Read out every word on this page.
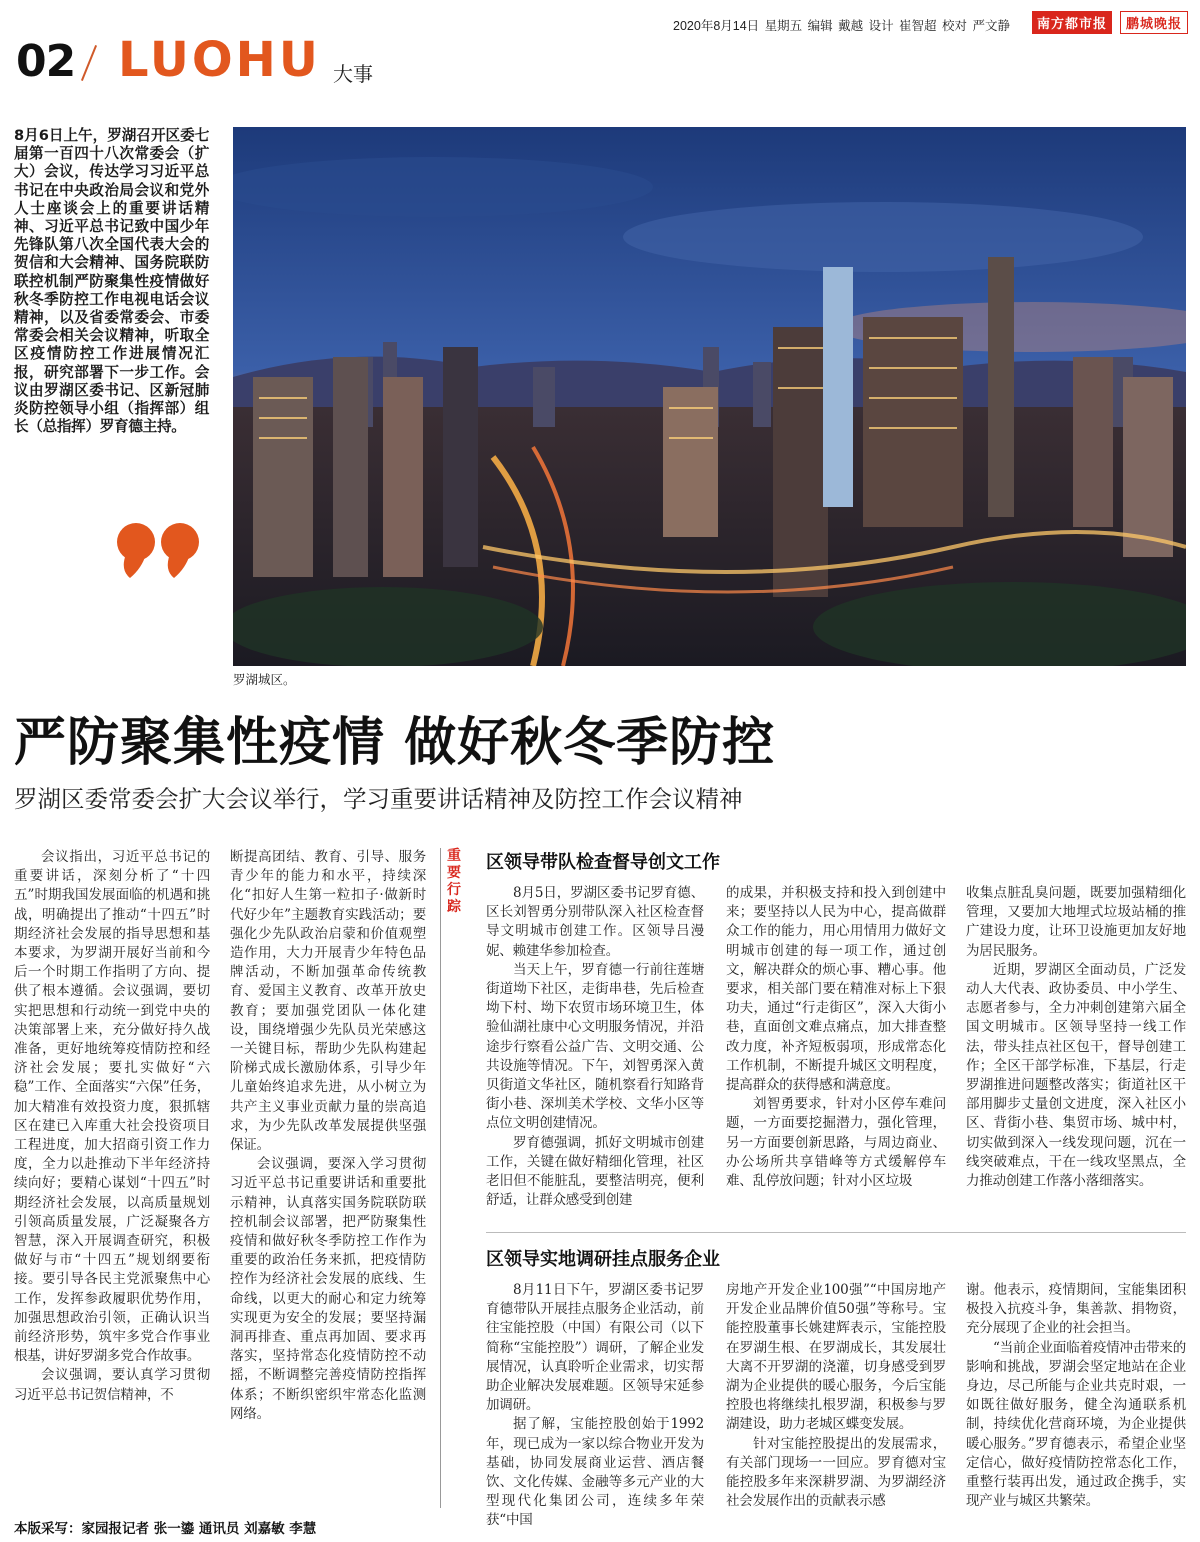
2020年8月14日 星期五 编辑 戴越 设计 崔智超 校对 严文静	南方都市报	鹏城晚报
02 LUOHU 大事
8月6日上午，罗湖召开区委七届第一百四十八次常委会（扩大）会议，传达学习习近平总书记在中央政治局会议和党外人士座谈会上的重要讲话精神、习近平总书记致中国少年先锋队第八次全国代表大会的贺信和大会精神、国务院联防联控机制严防聚集性疫情做好秋冬季防控工作电视电话会议精神，以及省委常委会、市委常委会相关会议精神，听取全区疫情防控工作进展情况汇报，研究部署下一步工作。会议由罗湖区委书记、区新冠肺炎防控领导小组（指挥部）组长（总指挥）罗育德主持。
罗湖城区。
严防聚集性疫情 做好秋冬季防控
罗湖区委常委会扩大会议举行，学习重要讲话精神及防控工作会议精神

会议指出，习近平总书记的重要讲话，深刻分析了“十四五”时期我国发展面临的机遇和挑战，明确提出了推动“十四五”时期经济社会发展的指导思想和基本要求，为罗湖开展好当前和今后一个时期工作指明了方向、提供了根本遵循。会议强调，要切实把思想和行动统一到党中央的决策部署上来，充分做好持久战准备，更好地统筹疫情防控和经济社会发展；要扎实做好“六稳”工作、全面落实“六保”任务，加大精准有效投资力度，狠抓辖区在建已入库重大社会投资项目工程进度，加大招商引资工作力度，全力以赴推动下半年经济持续向好；要精心谋划“十四五”时期经济社会发展，以高质量规划引领高质量发展，广泛凝聚各方智慧，深入开展调查研究，积极做好与市“十四五”规划纲要衔接。要引导各民主党派聚焦中心工作，发挥参政履职优势作用，加强思想政治引领，正确认识当前经济形势，筑牢多党合作事业根基，讲好罗湖多党合作故事。

会议强调，要认真学习贯彻习近平总书记贺信精神，不

断提高团结、教育、引导、服务青少年的能力和水平，持续深化“扣好人生第一粒扣子·做新时代好少年”主题教育实践活动；要强化少先队政治启蒙和价值观塑造作用，大力开展青少年特色品牌活动，不断加强革命传统教育、爱国主义教育、改革开放史教育；要加强党团队一体化建设，围绕增强少先队员光荣感这一关键目标，帮助少先队构建起阶梯式成长激励体系，引导少年儿童始终追求先进，从小树立为共产主义事业贡献力量的崇高追求，为少先队改革发展提供坚强保证。

会议强调，要深入学习贯彻习近平总书记重要讲话和重要批示精神，认真落实国务院联防联控机制会议部署，把严防聚集性疫情和做好秋冬季防控工作作为重要的政治任务来抓，把疫情防控作为经济社会发展的底线、生命线，以更大的耐心和定力统筹实现更为安全的发展；要坚持漏洞再排查、重点再加固、要求再落实，坚持常态化疫情防控不动摇，不断调整完善疫情防控指挥体系；不断织密织牢常态化监测网络。

重要行踪
区领导带队检查督导创文工作

8月5日，罗湖区委书记罗育德、区长刘智勇分别带队深入社区检查督导文明城市创建工作。区领导吕漫妮、赖建华参加检查。

当天上午，罗育德一行前往莲塘街道坳下社区，走街串巷，先后检查坳下村、坳下农贸市场环境卫生，体验仙湖社康中心文明服务情况，并沿途步行察看公益广告、文明交通、公共设施等情况。下午，刘智勇深入黄贝街道文华社区，随机察看行知路背街小巷、深圳美术学校、文华小区等点位文明创建情况。

罗育德强调，抓好文明城市创建工作，关键在做好精细化管理，社区老旧但不能脏乱，要整洁明亮，便利舒适，让群众感受到创建

的成果，并积极支持和投入到创建中来；要坚持以人民为中心，提高做群众工作的能力，用心用情用力做好文明城市创建的每一项工作，通过创文，解决群众的烦心事、糟心事。他要求，相关部门要在精准对标上下狠功夫，通过“行走街区”，深入大街小巷，直面创文难点痛点，加大排查整改力度，补齐短板弱项，形成常态化工作机制，不断提升城区文明程度，提高群众的获得感和满意度。

刘智勇要求，针对小区停车难问题，一方面要挖掘潜力，强化管理，另一方面要创新思路，与周边商业、办公场所共享错峰等方式缓解停车难、乱停放问题；针对小区垃圾

收集点脏乱臭问题，既要加强精细化管理，又要加大地埋式垃圾站桶的推广建设力度，让环卫设施更加友好地为居民服务。

近期，罗湖区全面动员，广泛发动人大代表、政协委员、中小学生、志愿者参与，全力冲刺创建第六届全国文明城市。区领导坚持一线工作法，带头挂点社区包干，督导创建工作；全区干部学标准，下基层，行走罗湖推进问题整改落实；街道社区干部用脚步丈量创文进度，深入社区小区、背街小巷、集贸市场、城中村，切实做到深入一线发现问题，沉在一线突破难点，干在一线攻坚黑点，全力推动创建工作落小落细落实。

区领导实地调研挂点服务企业

8月11日下午，罗湖区委书记罗育德带队开展挂点服务企业活动，前往宝能控股（中国）有限公司（以下简称“宝能控股”）调研，了解企业发展情况，认真聆听企业需求，切实帮助企业解决发展难题。区领导宋延参加调研。

据了解，宝能控股创始于1992年，现已成为一家以综合物业开发为基础，协同发展商业运营、酒店餐饮、文化传媒、金融等多元产业的大型现代化集团公司，连续多年荣获“中国

房地产开发企业100强”“中国房地产开发企业品牌价值50强”等称号。宝能控股董事长姚建辉表示，宝能控股在罗湖生根、在罗湖成长，其发展壮大离不开罗湖的浇灌，切身感受到罗湖为企业提供的暖心服务，今后宝能控股也将继续扎根罗湖，积极参与罗湖建设，助力老城区蝶变发展。

针对宝能控股提出的发展需求，有关部门现场一一回应。罗育德对宝能控股多年来深耕罗湖、为罗湖经济社会发展作出的贡献表示感

谢。他表示，疫情期间，宝能集团积极投入抗疫斗争，集善款、捐物资，充分展现了企业的社会担当。

“当前企业面临着疫情冲击带来的影响和挑战，罗湖会坚定地站在企业身边，尽己所能与企业共克时艰，一如既往做好服务，健全沟通联系机制，持续优化营商环境，为企业提供暖心服务。”罗育德表示，希望企业坚定信心，做好疫情防控常态化工作，重整行装再出发，通过政企携手，实现产业与城区共繁荣。

本版采写：家园报记者 张一鎏 通讯员 刘嘉敏 李慧
